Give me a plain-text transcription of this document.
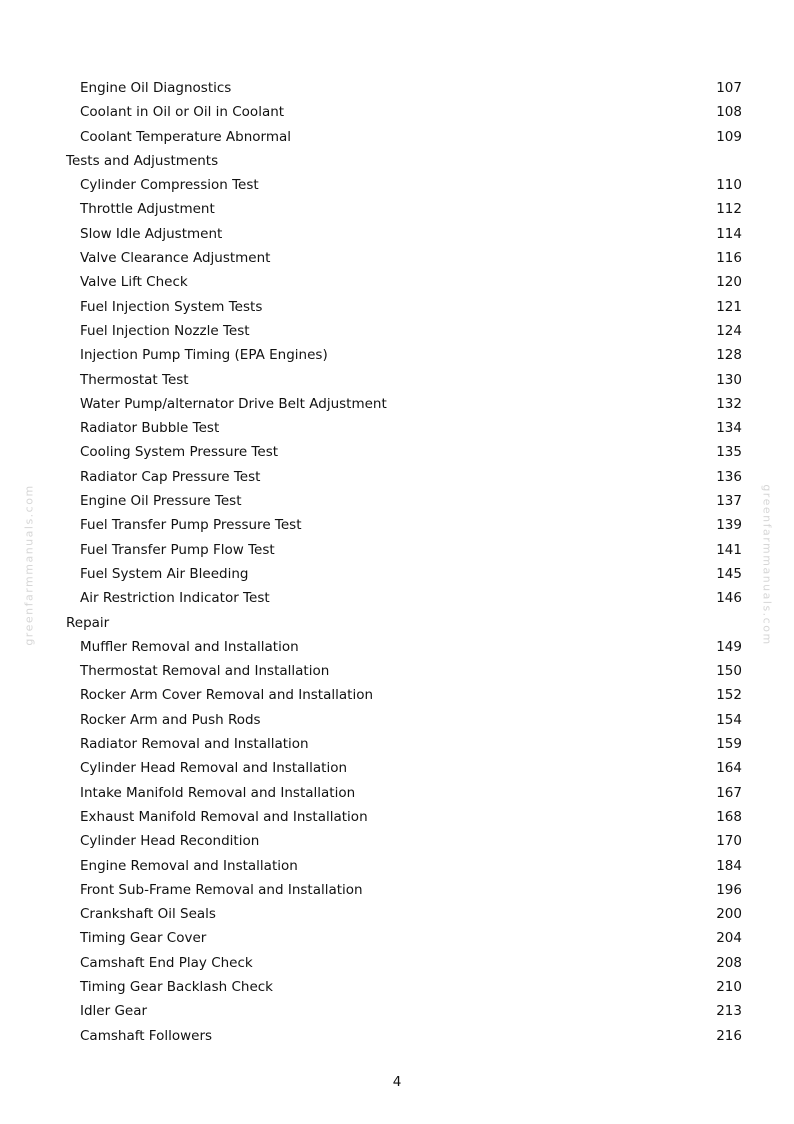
Engine Oil Diagnostics	107
Coolant in Oil or Oil in Coolant	108
Coolant Temperature Abnormal	109
Tests and Adjustments
Cylinder Compression Test	110
Throttle Adjustment	112
Slow Idle Adjustment	114
Valve Clearance Adjustment	116
Valve Lift Check	120
Fuel Injection System Tests	121
Fuel Injection Nozzle Test	124
Injection Pump Timing (EPA Engines)	128
Thermostat Test	130
Water Pump/alternator Drive Belt Adjustment	132
Radiator Bubble Test	134
Cooling System Pressure Test	135
Radiator Cap Pressure Test	136
Engine Oil Pressure Test	137
Fuel Transfer Pump Pressure Test	139
Fuel Transfer Pump Flow Test	141
Fuel System Air Bleeding	145
Air Restriction Indicator Test	146
Repair
Muffler Removal and Installation	149
Thermostat Removal and Installation	150
Rocker Arm Cover Removal and Installation	152
Rocker Arm and Push Rods	154
Radiator Removal and Installation	159
Cylinder Head Removal and Installation	164
Intake Manifold Removal and Installation	167
Exhaust Manifold Removal and Installation	168
Cylinder Head Recondition	170
Engine Removal and Installation	184
Front Sub-Frame Removal and Installation	196
Crankshaft Oil Seals	200
Timing Gear Cover	204
Camshaft End Play Check	208
Timing Gear Backlash Check	210
Idler Gear	213
Camshaft Followers	216
4
greenfarmmanuals.com	greenfarmmanuals.com
